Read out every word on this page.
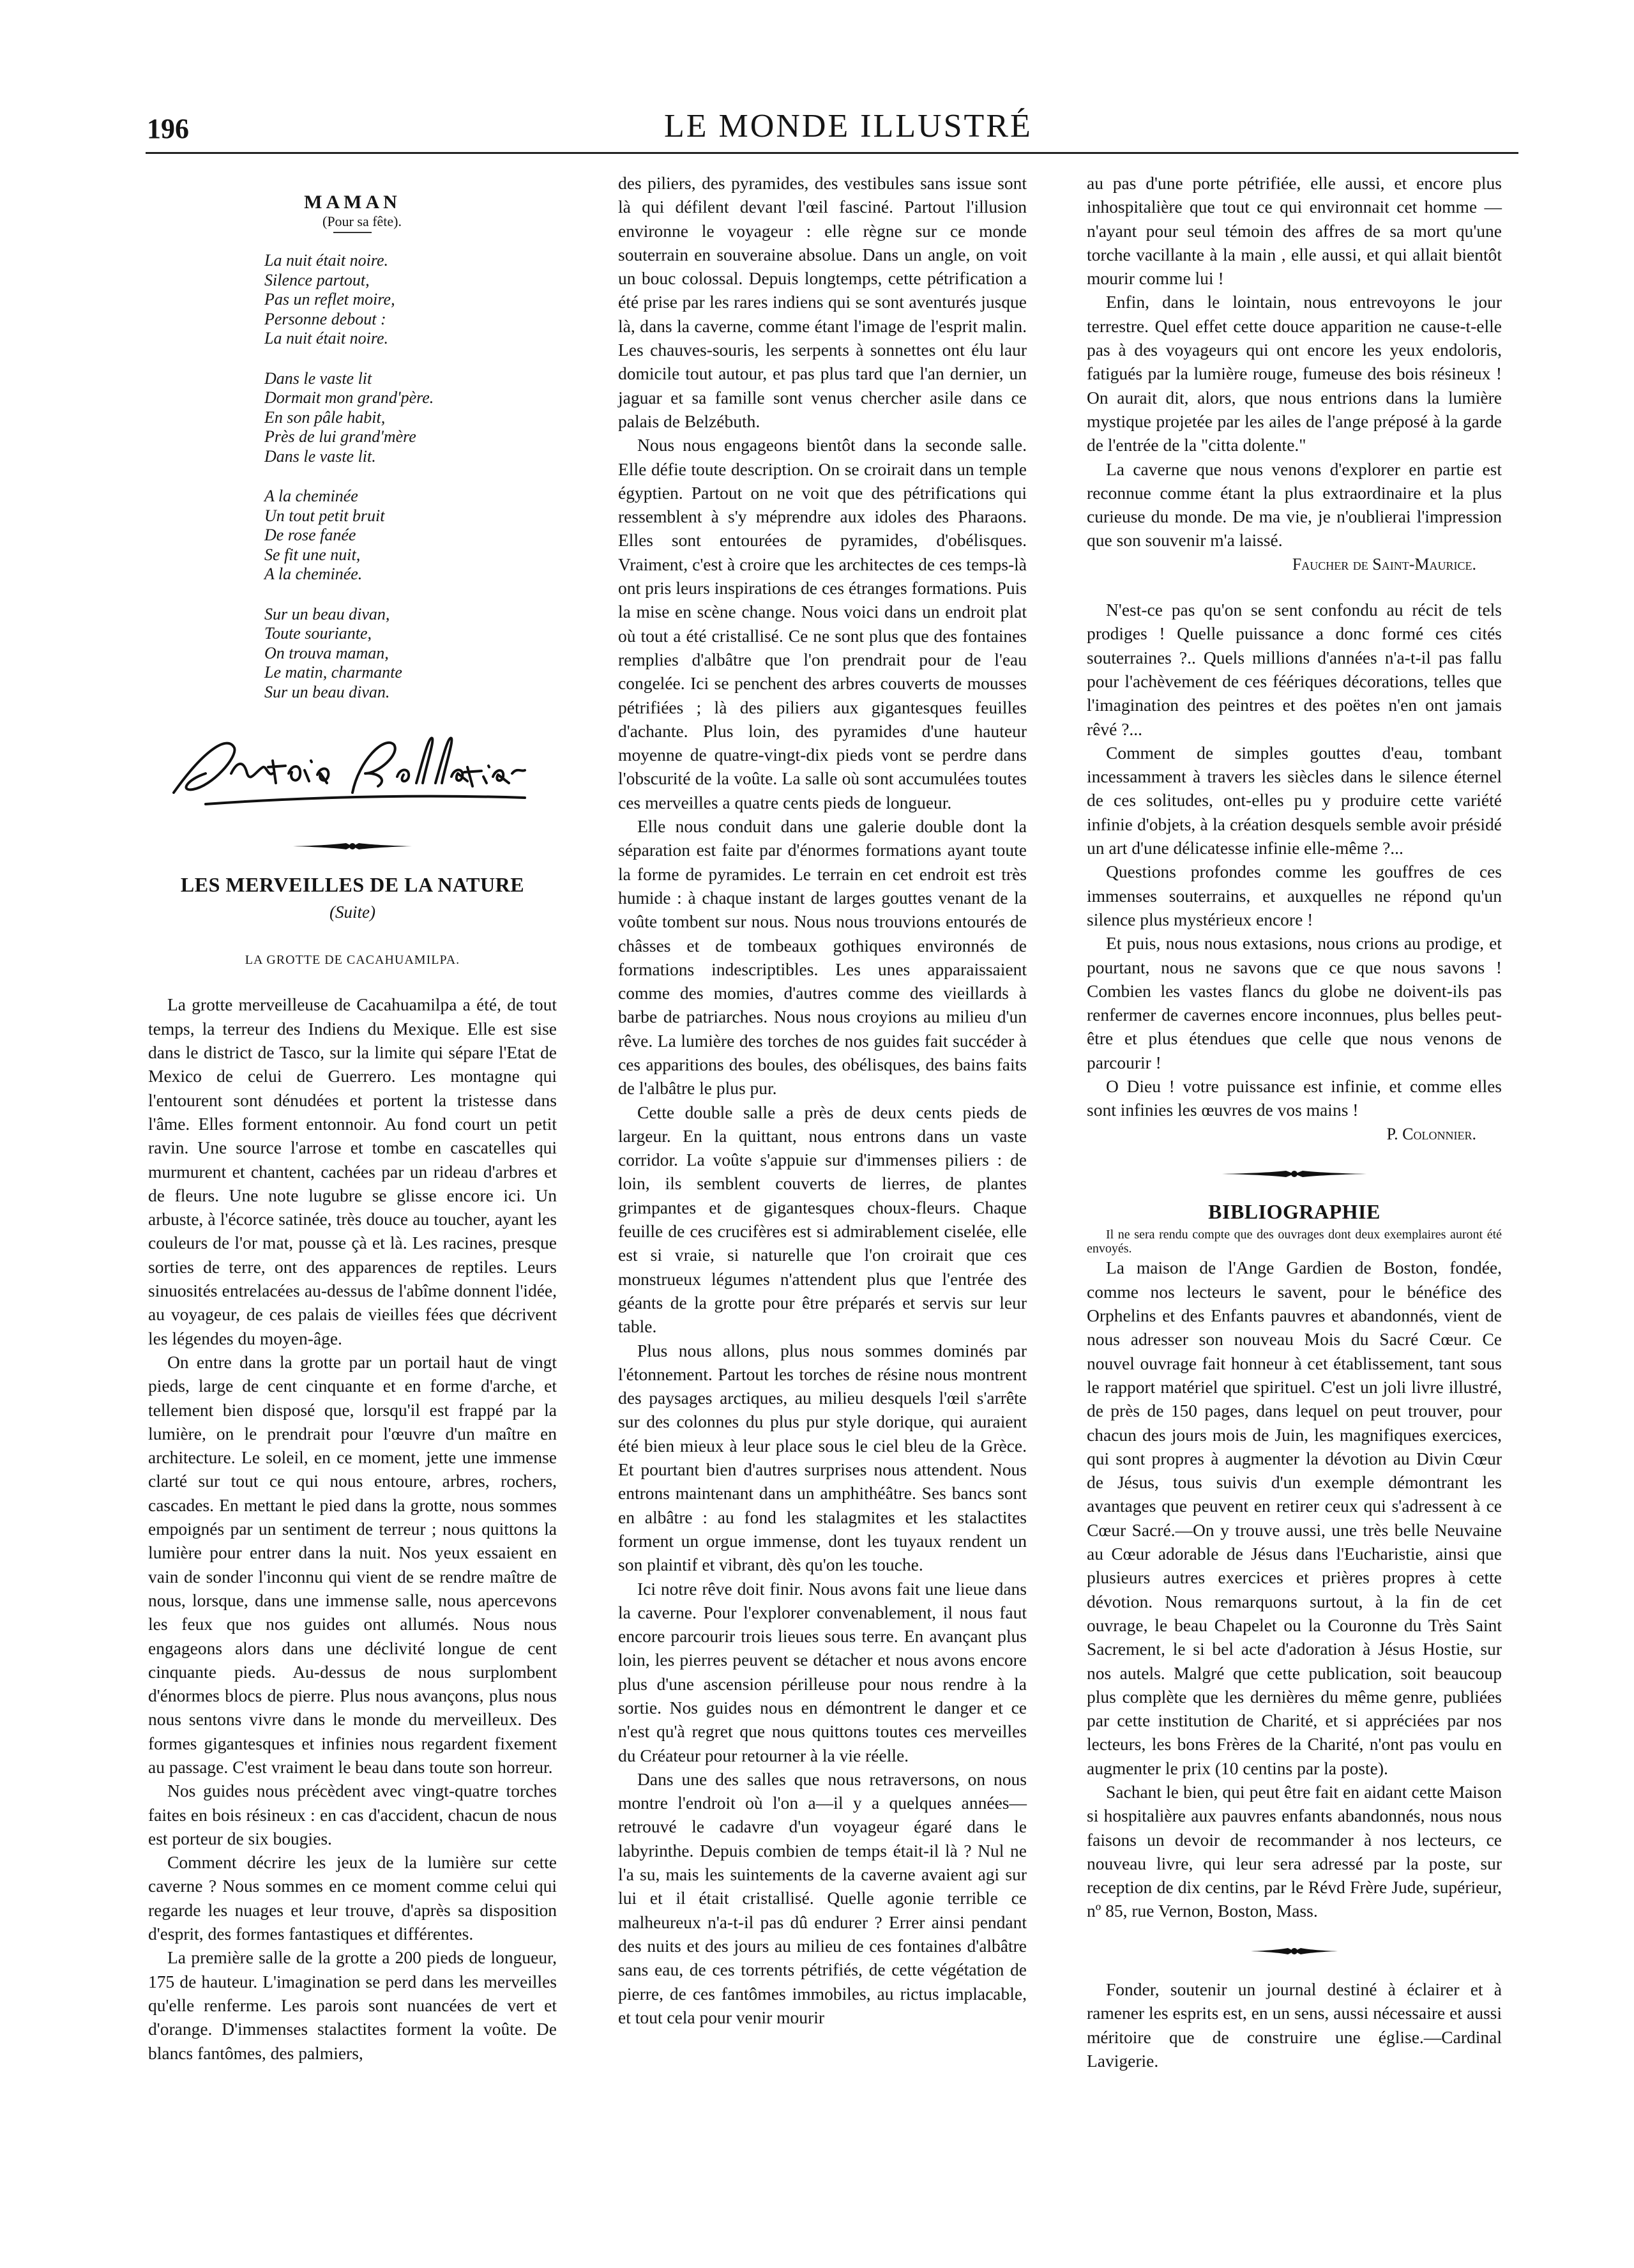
196	LE MONDE ILLUSTRÉ
MAMAN
La nuit était noire.
Silence partout,
Pas un reflet moire,
Personne debout :
La nuit était noire.
Dans le vaste lit
Dormait mon grand'père.
En son pâle habit,
Près de lui grand'mère
Dans le vaste lit.
A la cheminée
Un tout petit bruit
De rose fanée
Se fit une nuit,
A la cheminée.
Sur un beau divan,
Toute souriante,
On trouva maman,
Le matin, charmante
Sur un beau divan.
LES MERVEILLES DE LA NATURE
(Suite)
LA GROTTE DE CACAHUAMILPA.

La grotte merveilleuse de Cacahuamilpa a été, de tout temps, la terreur des Indiens du Mexique. Elle est sise dans le district de Tasco, sur la limite qui sépare l'Etat de Mexico de celui de Guerrero. Les montagne qui l'entourent sont dénudées et portent la tristesse dans l'âme. Elles forment entonnoir. Au fond court un petit ravin. Une source l'arrose et tombe en cascatelles qui murmurent et chantent, cachées par un rideau d'arbres et de fleurs. Une note lugubre se glisse encore ici. Un arbuste, à l'écorce satinée, très douce au toucher, ayant les couleurs de l'or mat, pousse çà et là. Les racines, presque sorties de terre, ont des apparences de reptiles. Leurs sinuosités entrelacées au-dessus de l'abîme donnent l'idée, au voyageur, de ces palais de vieilles fées que décrivent les légendes du moyen-âge.

On entre dans la grotte par un portail haut de vingt pieds, large de cent cinquante et en forme d'arche, et tellement bien disposé que, lorsqu'il est frappé par la lumière, on le prendrait pour l'œuvre d'un maître en architecture. Le soleil, en ce moment, jette une immense clarté sur tout ce qui nous entoure, arbres, rochers, cascades. En mettant le pied dans la grotte, nous sommes empoignés par un sentiment de terreur ; nous quittons la lumière pour entrer dans la nuit. Nos yeux essaient en vain de sonder l'inconnu qui vient de se rendre maître de nous, lorsque, dans une immense salle, nous apercevons les feux que nos guides ont allumés. Nous nous engageons alors dans une déclivité longue de cent cinquante pieds. Au-dessus de nous surplombent d'énormes blocs de pierre. Plus nous avançons, plus nous nous sentons vivre dans le monde du merveilleux. Des formes gigantesques et infinies nous regardent fixement au passage. C'est vraiment le beau dans toute son horreur.

Nos guides nous précèdent avec vingt-quatre torches faites en bois résineux : en cas d'accident, chacun de nous est porteur de six bougies.

Comment décrire les jeux de la lumière sur cette caverne ? Nous sommes en ce moment comme celui qui regarde les nuages et leur trouve, d'après sa disposition d'esprit, des formes fantastiques et différentes.

La première salle de la grotte a 200 pieds de longueur, 175 de hauteur. L'imagination se perd dans les merveilles qu'elle renferme. Les parois sont nuancées de vert et d'orange. D'immenses stalactites forment la voûte. De blancs fantômes, des palmiers,

(Pour sa fête).

des piliers, des pyramides, des vestibules sans issue sont là qui défilent devant l'œil fasciné. Partout l'illusion environne le voyageur : elle règne sur ce monde souterrain en souveraine absolue. Dans un angle, on voit un bouc colossal. Depuis longtemps, cette pétrification a été prise par les rares indiens qui se sont aventurés jusque là, dans la caverne, comme étant l'image de l'esprit malin. Les chauves-souris, les serpents à sonnettes ont élu laur domicile tout autour, et pas plus tard que l'an dernier, un jaguar et sa famille sont venus chercher asile dans ce palais de Belzébuth.

Nous nous engageons bientôt dans la seconde salle. Elle défie toute description. On se croirait dans un temple égyptien. Partout on ne voit que des pétrifications qui ressemblent à s'y méprendre aux idoles des Pharaons. Elles sont entourées de pyramides, d'obélisques. Vraiment, c'est à croire que les architectes de ces temps-là ont pris leurs inspirations de ces étranges formations. Puis la mise en scène change. Nous voici dans un endroit plat où tout a été cristallisé. Ce ne sont plus que des fontaines remplies d'albâtre que l'on prendrait pour de l'eau congelée. Ici se penchent des arbres couverts de mousses pétrifiées ; là des piliers aux gigantesques feuilles d'achante. Plus loin, des pyramides d'une hauteur moyenne de quatre-vingt-dix pieds vont se perdre dans l'obscurité de la voûte. La salle où sont accumulées toutes ces merveilles a quatre cents pieds de longueur.

Elle nous conduit dans une galerie double dont la séparation est faite par d'énormes formations ayant toute la forme de pyramides. Le terrain en cet endroit est très humide : à chaque instant de larges gouttes venant de la voûte tombent sur nous. Nous nous trouvions entourés de châsses et de tombeaux gothiques environnés de formations indescriptibles. Les unes apparaissaient comme des momies, d'autres comme des vieillards à barbe de patriarches. Nous nous croyions au milieu d'un rêve. La lumière des torches de nos guides fait succéder à ces apparitions des boules, des obélisques, des bains faits de l'albâtre le plus pur.

Cette double salle a près de deux cents pieds de largeur. En la quittant, nous entrons dans un vaste corridor. La voûte s'appuie sur d'immenses piliers : de loin, ils semblent couverts de lierres, de plantes grimpantes et de gigantesques choux-fleurs. Chaque feuille de ces crucifères est si admirablement ciselée, elle est si vraie, si naturelle que l'on croirait que ces monstrueux légumes n'attendent plus que l'entrée des géants de la grotte pour être préparés et servis sur leur table.

Plus nous allons, plus nous sommes dominés par l'étonnement. Partout les torches de résine nous montrent des paysages arctiques, au milieu desquels l'œil s'arrête sur des colonnes du plus pur style dorique, qui auraient été bien mieux à leur place sous le ciel bleu de la Grèce. Et pourtant bien d'autres surprises nous attendent. Nous entrons maintenant dans un amphithéâtre. Ses bancs sont en albâtre : au fond les stalagmites et les stalactites forment un orgue immense, dont les tuyaux rendent un son plaintif et vibrant, dès qu'on les touche.

Ici notre rêve doit finir. Nous avons fait une lieue dans la caverne. Pour l'explorer convenablement, il nous faut encore parcourir trois lieues sous terre. En avançant plus loin, les pierres peuvent se détacher et nous avons encore plus d'une ascension périlleuse pour nous rendre à la sortie. Nos guides nous en démontrent le danger et ce n'est qu'à regret que nous quittons toutes ces merveilles du Créateur pour retourner à la vie réelle.

Dans une des salles que nous retraversons, on nous montre l'endroit où l'on a—il y a quelques années—retrouvé le cadavre d'un voyageur égaré dans le labyrinthe. Depuis combien de temps était-il là ? Nul ne l'a su, mais les suintements de la caverne avaient agi sur lui et il était cristallisé. Quelle agonie terrible ce malheureux n'a-t-il pas dû endurer ? Errer ainsi pendant des nuits et des jours au milieu de ces fontaines d'albâtre sans eau, de ces torrents pétrifiés, de cette végétation de pierre, de ces fantômes immobiles, au rictus implacable, et tout cela pour venir mourir

au pas d'une porte pétrifiée, elle aussi, et encore plus inhospitalière que tout ce qui environnait cet homme —n'ayant pour seul témoin des affres de sa mort qu'une torche vacillante à la main , elle aussi, et qui allait bientôt mourir comme lui !

Enfin, dans le lointain, nous entrevoyons le jour terrestre. Quel effet cette douce apparition ne cause-t-elle pas à des voyageurs qui ont encore les yeux endoloris, fatigués par la lumière rouge, fumeuse des bois résineux ! On aurait dit, alors, que nous entrions dans la lumière mystique projetée par les ailes de l'ange préposé à la garde de l'entrée de la "citta dolente."

La caverne que nous venons d'explorer en partie est reconnue comme étant la plus extraordinaire et la plus curieuse du monde. De ma vie, je n'oublierai l'impression que son souvenir m'a laissé.

Faucher de Saint-Maurice.

N'est-ce pas qu'on se sent confondu au récit de tels prodiges ! Quelle puissance a donc formé ces cités souterraines ?.. Quels millions d'années n'a-t-il pas fallu pour l'achèvement de ces féériques décorations, telles que l'imagination des peintres et des poëtes n'en ont jamais rêvé ?...

Comment de simples gouttes d'eau, tombant incessamment à travers les siècles dans le silence éternel de ces solitudes, ont-elles pu y produire cette variété infinie d'objets, à la création desquels semble avoir présidé un art d'une délicatesse infinie elle-même ?...

Questions profondes comme les gouffres de ces immenses souterrains, et auxquelles ne répond qu'un silence plus mystérieux encore !

Et puis, nous nous extasions, nous crions au prodige, et pourtant, nous ne savons que ce que nous savons ! Combien les vastes flancs du globe ne doivent-ils pas renfermer de cavernes encore inconnues, plus belles peut-être et plus étendues que celle que nous venons de parcourir !

O Dieu ! votre puissance est infinie, et comme elles sont infinies les œuvres de vos mains !

P. Colonnier.
BIBLIOGRAPHIE

Il ne sera rendu compte que des ouvrages dont deux exemplaires auront été envoyés.

La maison de l'Ange Gardien de Boston, fondée, comme nos lecteurs le savent, pour le bénéfice des Orphelins et des Enfants pauvres et abandonnés, vient de nous adresser son nouveau Mois du Sacré Cœur. Ce nouvel ouvrage fait honneur à cet établissement, tant sous le rapport matériel que spirituel. C'est un joli livre illustré, de près de 150 pages, dans lequel on peut trouver, pour chacun des jours mois de Juin, les magnifiques exercices, qui sont propres à augmenter la dévotion au Divin Cœur de Jésus, tous suivis d'un exemple démontrant les avantages que peuvent en retirer ceux qui s'adressent à ce Cœur Sacré.—On y trouve aussi, une très belle Neuvaine au Cœur adorable de Jésus dans l'Eucharistie, ainsi que plusieurs autres exercices et prières propres à cette dévotion. Nous remarquons surtout, à la fin de cet ouvrage, le beau Chapelet ou la Couronne du Très Saint Sacrement, le si bel acte d'adoration à Jésus Hostie, sur nos autels. Malgré que cette publication, soit beaucoup plus complète que les dernières du même genre, publiées par cette institution de Charité, et si appréciées par nos lecteurs, les bons Frères de la Charité, n'ont pas voulu en augmenter le prix (10 centins par la poste).

Sachant le bien, qui peut être fait en aidant cette Maison si hospitalière aux pauvres enfants abandonnés, nous nous faisons un devoir de recommander à nos lecteurs, ce nouveau livre, qui leur sera adressé par la poste, sur reception de dix centins, par le Révd Frère Jude, supérieur, nº 85, rue Vernon, Boston, Mass.

Fonder, soutenir un journal destiné à éclairer et à ramener les esprits est, en un sens, aussi nécessaire et aussi méritoire que de construire une église.—Cardinal Lavigerie.
